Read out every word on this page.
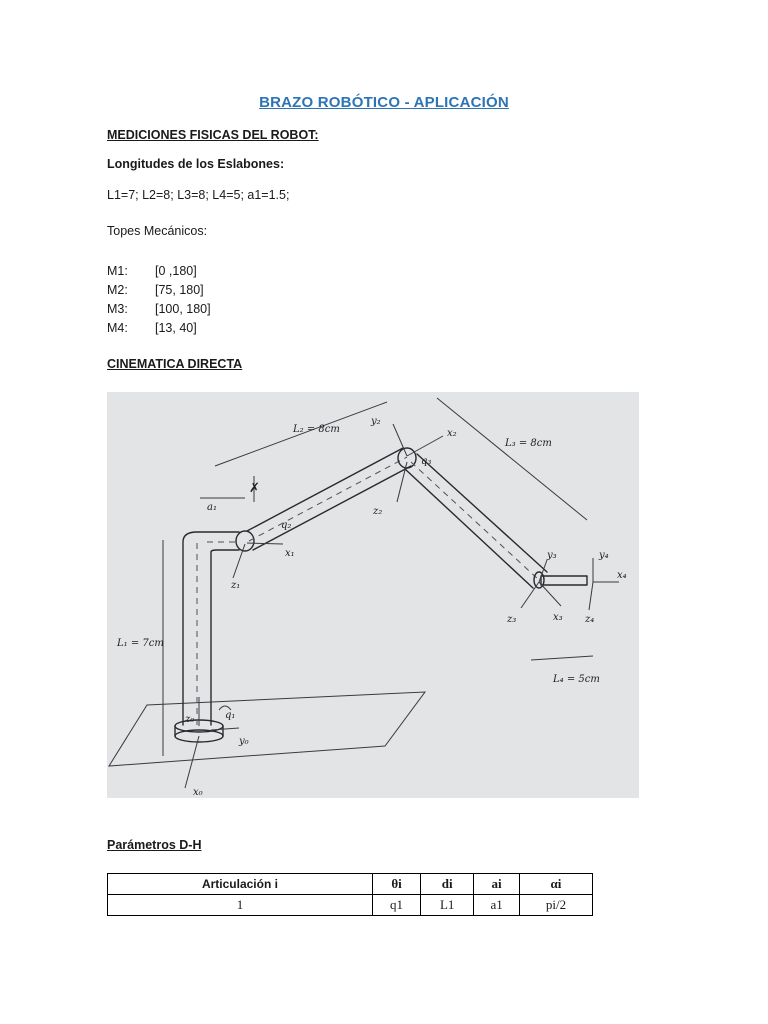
BRAZO ROBÓTICO - APLICACIÓN
MEDICIONES FISICAS DEL ROBOT:
Longitudes de los Eslabones:
L1=7; L2=8; L3=8; L4=5; a1=1.5;
Topes Mecánicos:
M1:	[0 ,180]
M2:	[75, 180]
M3:	[100, 180]
M4:	[13, 40]
CINEMATICA DIRECTA
z₀
y₀
x₀
q₁
L₁ = 7cm
a₁
✗
x₁
z₁
q₂
L₂ = 8cm	x₂
y₂
z₂
q₃
L₃ = 8cm
y₃
x₃
z₃
y₄
x₄
z₄
L₄ = 5cm
Parámetros D-H
Articulación i	θi	di	ai	αi
1	q1	L1	a1	pi/2
